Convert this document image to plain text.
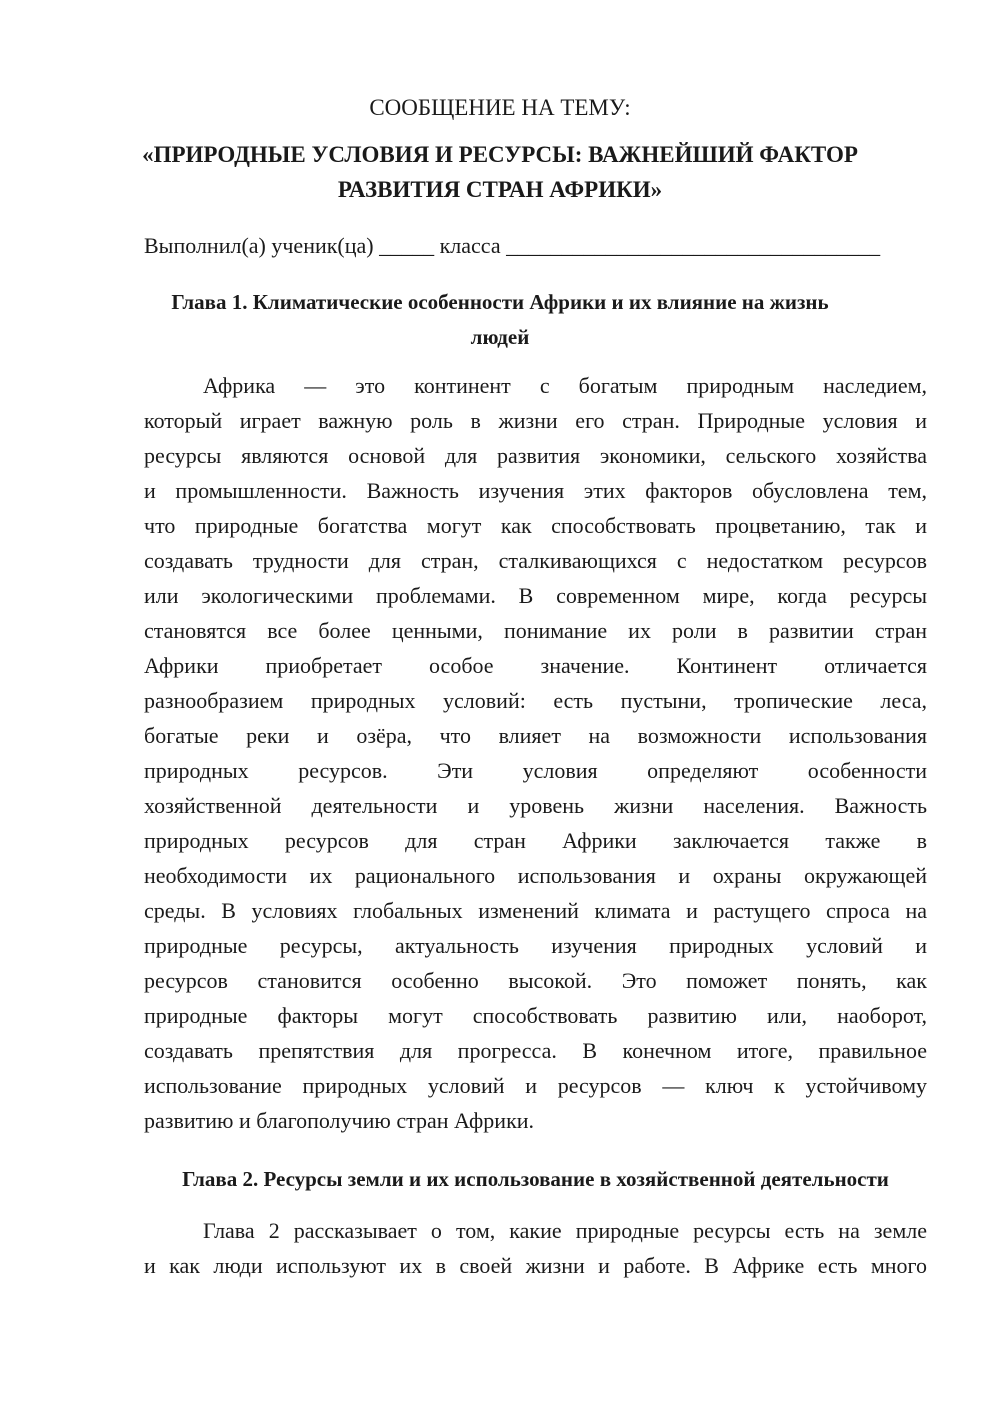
СООБЩЕНИЕ НА ТЕМУ:
«ПРИРОДНЫЕ УСЛОВИЯ И РЕСУРСЫ: ВАЖНЕЙШИЙ ФАКТОР
РАЗВИТИЯ СТРАН АФРИКИ»
Выполнил(а) ученик(ца) _____ класса __________________________________
Глава 1. Климатические особенности Африки и их влияние на жизнь
людей
Африка — это континент с богатым природным наследием,
который играет важную роль в жизни его стран. Природные условия и
ресурсы являются основой для развития экономики, сельского хозяйства
и промышленности. Важность изучения этих факторов обусловлена тем,
что природные богатства могут как способствовать процветанию, так и
создавать трудности для стран, сталкивающихся с недостатком ресурсов
или экологическими проблемами. В современном мире, когда ресурсы
становятся все более ценными, понимание их роли в развитии стран
Африки приобретает особое значение. Континент отличается
разнообразием природных условий: есть пустыни, тропические леса,
богатые реки и озёра, что влияет на возможности использования
природных ресурсов. Эти условия определяют особенности
хозяйственной деятельности и уровень жизни населения. Важность
природных ресурсов для стран Африки заключается также в
необходимости их рационального использования и охраны окружающей
среды. В условиях глобальных изменений климата и растущего спроса на
природные ресурсы, актуальность изучения природных условий и
ресурсов становится особенно высокой. Это поможет понять, как
природные факторы могут способствовать развитию или, наоборот,
создавать препятствия для прогресса. В конечном итоге, правильное
использование природных условий и ресурсов — ключ к устойчивому
развитию и благополучию стран Африки.
Глава 2. Ресурсы земли и их использование в хозяйственной деятельности
Глава 2 рассказывает о том, какие природные ресурсы есть на земле
и как люди используют их в своей жизни и работе. В Африке есть много
